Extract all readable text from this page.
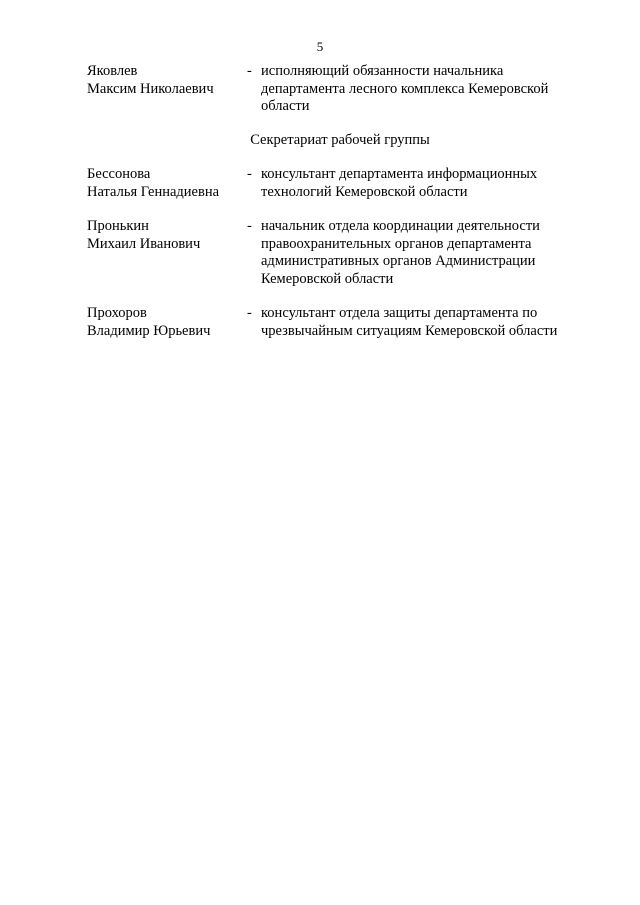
5
Яковлев
Максим Николаевич
- исполняющий обязанности начальника департамента лесного комплекса Кемеровской области
Секретариат рабочей группы
Бессонова
Наталья Геннадиевна
- консультант департамента информационных технологий Кемеровской области
Пронькин
Михаил Иванович
- начальник отдела координации деятельности правоохранительных органов департамента административных органов Администрации Кемеровской области
Прохоров
Владимир Юрьевич
- консультант отдела защиты департамента по чрезвычайным ситуациям Кемеровской области
